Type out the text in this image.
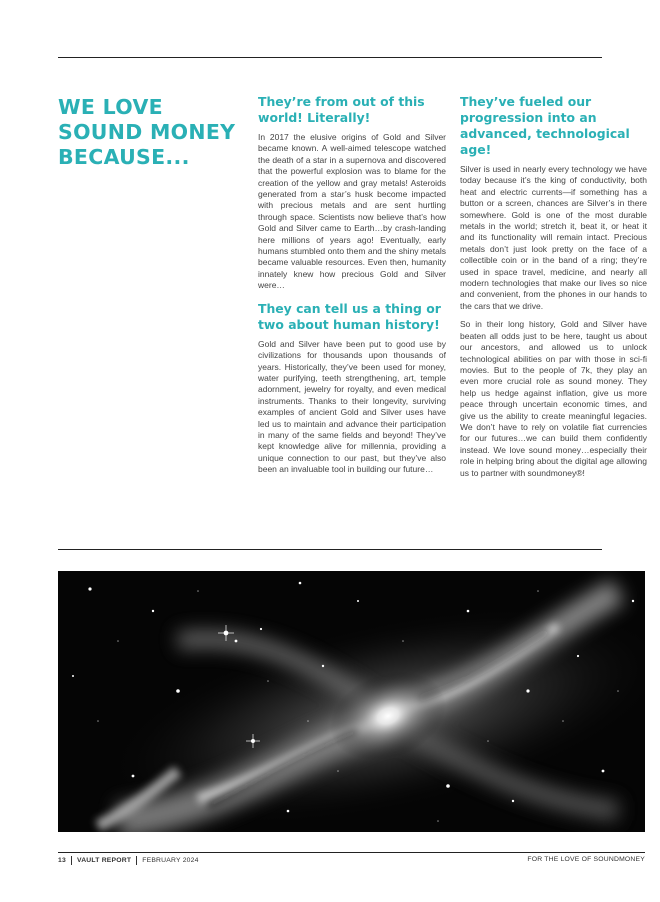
WE LOVE SOUND MONEY BECAUSE...
They’re from out of this world! Literally!

In 2017 the elusive origins of Gold and Silver became known. A well-aimed telescope watched the death of a star in a supernova and discovered that the powerful explosion was to blame for the creation of the yellow and gray metals! Asteroids generated from a star’s husk become impacted with precious metals and are sent hurtling through space. Scientists now believe that’s how Gold and Silver came to Earth…by crash-landing here millions of years ago! Eventually, early humans stumbled onto them and the shiny metals became valuable resources. Even then, humanity innately knew how precious Gold and Silver were…

They can tell us a thing or two about human history!

Gold and Silver have been put to good use by civilizations for thousands upon thousands of years. Historically, they’ve been used for money, water purifying, teeth strengthening, art, temple adornment, jewelry for royalty, and even medical instruments. Thanks to their longevity, surviving examples of ancient Gold and Silver uses have led us to maintain and advance their participation in many of the same fields and beyond! They’ve kept knowledge alive for millennia, providing a unique connection to our past, but they’ve also been an invaluable tool in building our future…

They’ve fueled our progression into an advanced, technological age!

Silver is used in nearly every technology we have today because it’s the king of conductivity, both heat and electric currents—if something has a button or a screen, chances are Silver’s in there somewhere. Gold is one of the most durable metals in the world; stretch it, beat it, or heat it and its functionality will remain intact. Precious metals don’t just look pretty on the face of a collectible coin or in the band of a ring; they’re used in space travel, medicine, and nearly all modern technologies that make our lives so nice and convenient, from the phones in our hands to the cars that we drive.

So in their long history, Gold and Silver have beaten all odds just to be here, taught us about our ancestors, and allowed us to unlock technological abilities on par with those in sci-fi movies. But to the people of 7k, they play an even more crucial role as sound money. They help us hedge against inflation, give us more peace through uncertain economic times, and give us the ability to create meaningful legacies. We don’t have to rely on volatile fiat currencies for our futures…we can build them confidently instead. We love sound money…especially their role in helping bring about the digital age allowing us to partner with soundmoney®!

13 VAULT REPORT FEBRUARY 2024	FOR THE LOVE OF SOUNDMONEY
